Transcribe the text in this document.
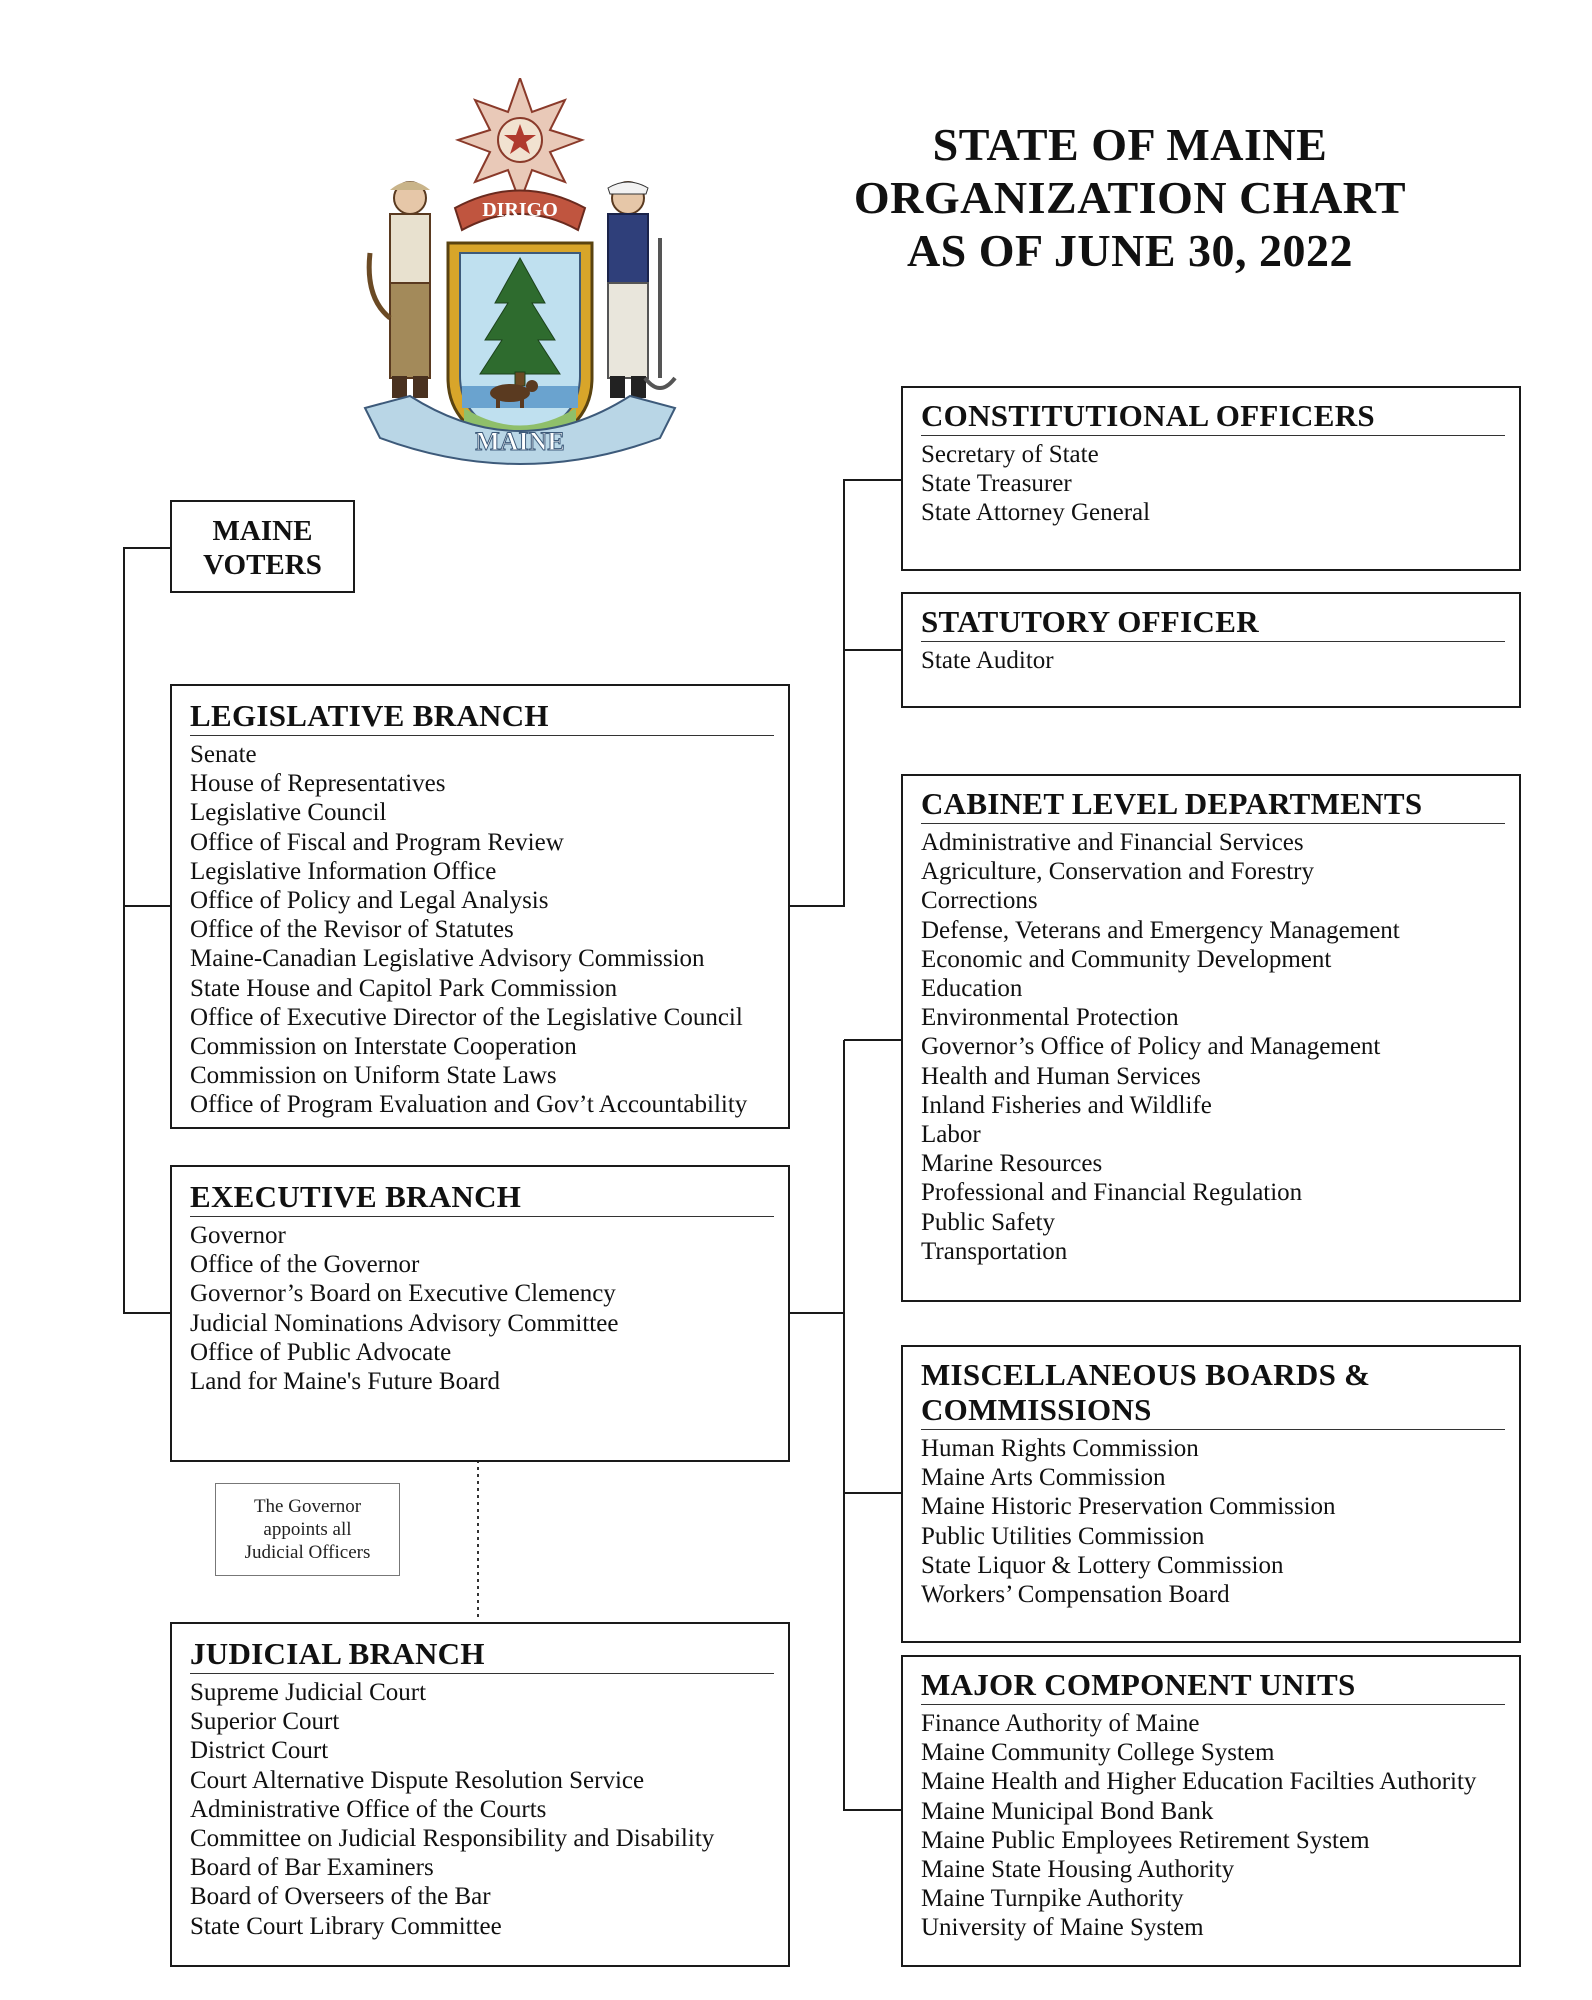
DIRIGO
MAINE
STATE OF MAINE
ORGANIZATION CHART
AS OF JUNE 30, 2022
MAINE
VOTERS
LEGISLATIVE BRANCH
Senate
House of Representatives
Legislative Council
Office of Fiscal and Program Review
Legislative Information Office
Office of Policy and Legal Analysis
Office of the Revisor of Statutes
Maine-Canadian Legislative Advisory Commission
State House and Capitol Park Commission
Office of Executive Director of the Legislative Council
Commission on Interstate Cooperation
Commission on Uniform State Laws
Office of Program Evaluation and Gov’t Accountability
EXECUTIVE BRANCH
Governor
Office of the Governor
Governor’s Board on Executive Clemency
Judicial Nominations Advisory Committee
Office of Public Advocate
Land for Maine's Future Board
The Governor
appoints all
Judicial Officers
JUDICIAL BRANCH
Supreme Judicial Court
Superior Court
District Court
Court Alternative Dispute Resolution Service
Administrative Office of the Courts
Committee on Judicial Responsibility and Disability
Board of Bar Examiners
Board of Overseers of the Bar
State Court Library Committee
CONSTITUTIONAL OFFICERS
Secretary of State
State Treasurer
State Attorney General
STATUTORY OFFICER
State Auditor
CABINET LEVEL DEPARTMENTS
Administrative and Financial Services
Agriculture, Conservation and Forestry
Corrections
Defense, Veterans and Emergency Management
Economic and Community Development
Education
Environmental Protection
Governor’s Office of Policy and Management
Health and Human Services
Inland Fisheries and Wildlife
Labor
Marine Resources
Professional and Financial Regulation
Public Safety
Transportation
MISCELLANEOUS BOARDS &
COMMISSIONS
Human Rights Commission
Maine Arts Commission
Maine Historic Preservation Commission
Public Utilities Commission
State Liquor & Lottery Commission
Workers’ Compensation Board
MAJOR COMPONENT UNITS
Finance Authority of Maine
Maine Community College System
Maine Health and Higher Education Facilties Authority
Maine Municipal Bond Bank
Maine Public Employees Retirement System
Maine State Housing Authority
Maine Turnpike Authority
University of Maine System
